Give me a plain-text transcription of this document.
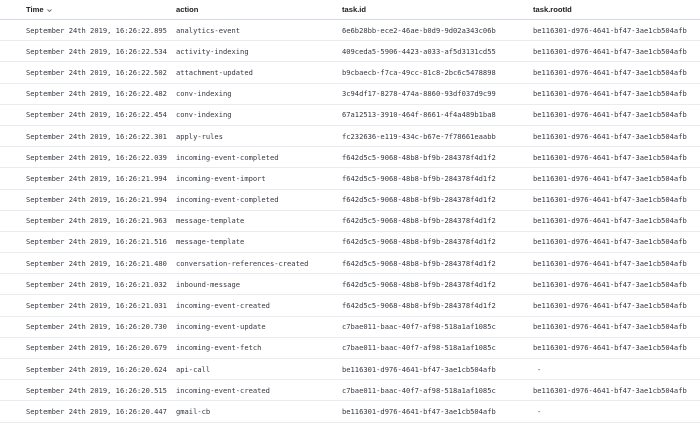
Time	action	task.id	task.rootId
September 24th 2019, 16:26:22.895	analytics-event	6e6b28bb-ece2-46ae-b0d9-9d02a343c06b	be116301-d976-4641-bf47-3ae1cb504afb
September 24th 2019, 16:26:22.534	activity-indexing	409ceda5-5906-4423-a033-af5d3131cd55	be116301-d976-4641-bf47-3ae1cb504afb
September 24th 2019, 16:26:22.502	attachment-updated	b9cbaecb-f7ca-49cc-81c8-2bc6c5478898	be116301-d976-4641-bf47-3ae1cb504afb
September 24th 2019, 16:26:22.482	conv-indexing	3c94df17-8278-474a-8860-93df037d9c99	be116301-d976-4641-bf47-3ae1cb504afb
September 24th 2019, 16:26:22.454	conv-indexing	67a12513-3910-464f-8661-4f4a489b1ba8	be116301-d976-4641-bf47-3ae1cb504afb
September 24th 2019, 16:26:22.301	apply-rules	fc232636-e119-434c-b67e-7f78661eaabb	be116301-d976-4641-bf47-3ae1cb504afb
September 24th 2019, 16:26:22.039	incoming-event-completed	f642d5c5-9068-48b8-bf9b-284378f4d1f2	be116301-d976-4641-bf47-3ae1cb504afb
September 24th 2019, 16:26:21.994	incoming-event-import	f642d5c5-9068-48b8-bf9b-284378f4d1f2	be116301-d976-4641-bf47-3ae1cb504afb
September 24th 2019, 16:26:21.994	incoming-event-completed	f642d5c5-9068-48b8-bf9b-284378f4d1f2	be116301-d976-4641-bf47-3ae1cb504afb
September 24th 2019, 16:26:21.963	message-template	f642d5c5-9068-48b8-bf9b-284378f4d1f2	be116301-d976-4641-bf47-3ae1cb504afb
September 24th 2019, 16:26:21.516	message-template	f642d5c5-9068-48b8-bf9b-284378f4d1f2	be116301-d976-4641-bf47-3ae1cb504afb
September 24th 2019, 16:26:21.480	conversation-references-created	f642d5c5-9068-48b8-bf9b-284378f4d1f2	be116301-d976-4641-bf47-3ae1cb504afb
September 24th 2019, 16:26:21.032	inbound-message	f642d5c5-9068-48b8-bf9b-284378f4d1f2	be116301-d976-4641-bf47-3ae1cb504afb
September 24th 2019, 16:26:21.031	incoming-event-created	f642d5c5-9068-48b8-bf9b-284378f4d1f2	be116301-d976-4641-bf47-3ae1cb504afb
September 24th 2019, 16:26:20.730	incoming-event-update	c7bae011-baac-40f7-af98-518a1af1085c	be116301-d976-4641-bf47-3ae1cb504afb
September 24th 2019, 16:26:20.679	incoming-event-fetch	c7bae011-baac-40f7-af98-518a1af1085c	be116301-d976-4641-bf47-3ae1cb504afb
September 24th 2019, 16:26:20.624	api-call	be116301-d976-4641-bf47-3ae1cb504afb	-
September 24th 2019, 16:26:20.515	incoming-event-created	c7bae011-baac-40f7-af98-518a1af1085c	be116301-d976-4641-bf47-3ae1cb504afb
September 24th 2019, 16:26:20.447	gmail-cb	be116301-d976-4641-bf47-3ae1cb504afb	-
